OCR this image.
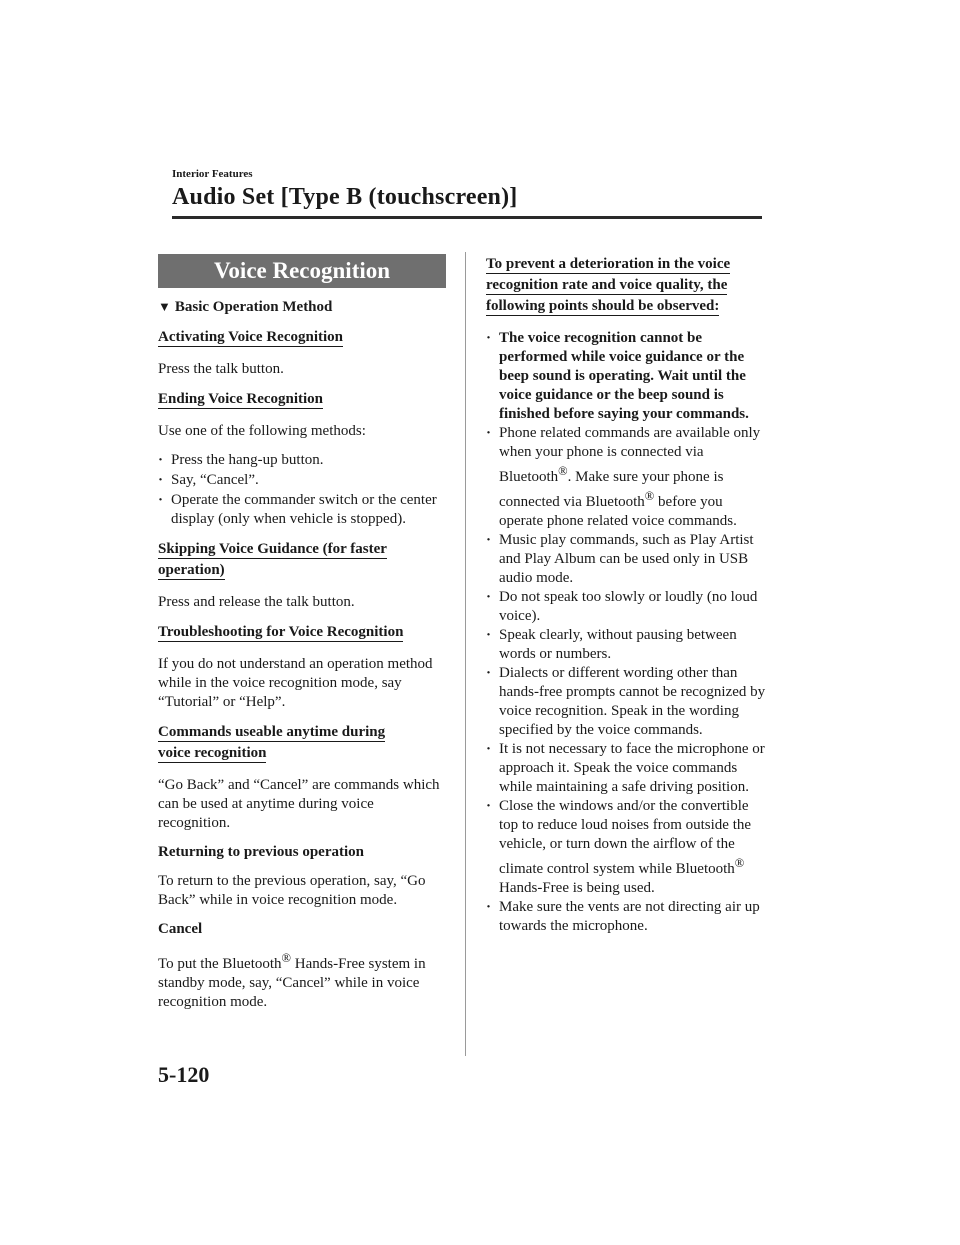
Interior Features
Audio Set [Type B (touchscreen)]
Voice Recognition
▼ Basic Operation Method
Activating Voice Recognition
Press the talk button.
Ending Voice Recognition
Use one of the following methods:
· Press the hang-up button.
· Say, “Cancel”.
· Operate the commander switch or the center display (only when vehicle is stopped).
Skipping Voice Guidance (for faster
operation)
Press and release the talk button.
Troubleshooting for Voice Recognition
If you do not understand an operation method while in the voice recognition mode, say “Tutorial” or “Help”.
Commands useable anytime during
voice recognition
“Go Back” and “Cancel” are commands which can be used at anytime during voice recognition.
Returning to previous operation
To return to the previous operation, say, “Go Back” while in voice recognition mode.
Cancel
To put the Bluetooth® Hands-Free system in standby mode, say, “Cancel” while in voice recognition mode.
To prevent a deterioration in the voice
recognition rate and voice quality, the
following points should be observed:
· The voice recognition cannot be performed while voice guidance or the beep sound is operating. Wait until the voice guidance or the beep sound is finished before saying your commands.
· Phone related commands are available only when your phone is connected via Bluetooth®. Make sure your phone is connected via Bluetooth® before you operate phone related voice commands.
· Music play commands, such as Play Artist and Play Album can be used only in USB audio mode.
· Do not speak too slowly or loudly (no loud voice).
· Speak clearly, without pausing between words or numbers.
· Dialects or different wording other than hands-free prompts cannot be recognized by voice recognition. Speak in the wording specified by the voice commands.
· It is not necessary to face the microphone or approach it. Speak the voice commands while maintaining a safe driving position.
· Close the windows and/or the convertible top to reduce loud noises from outside the vehicle, or turn down the airflow of the climate control system while Bluetooth® Hands-Free is being used.
· Make sure the vents are not directing air up towards the microphone.
5-120
